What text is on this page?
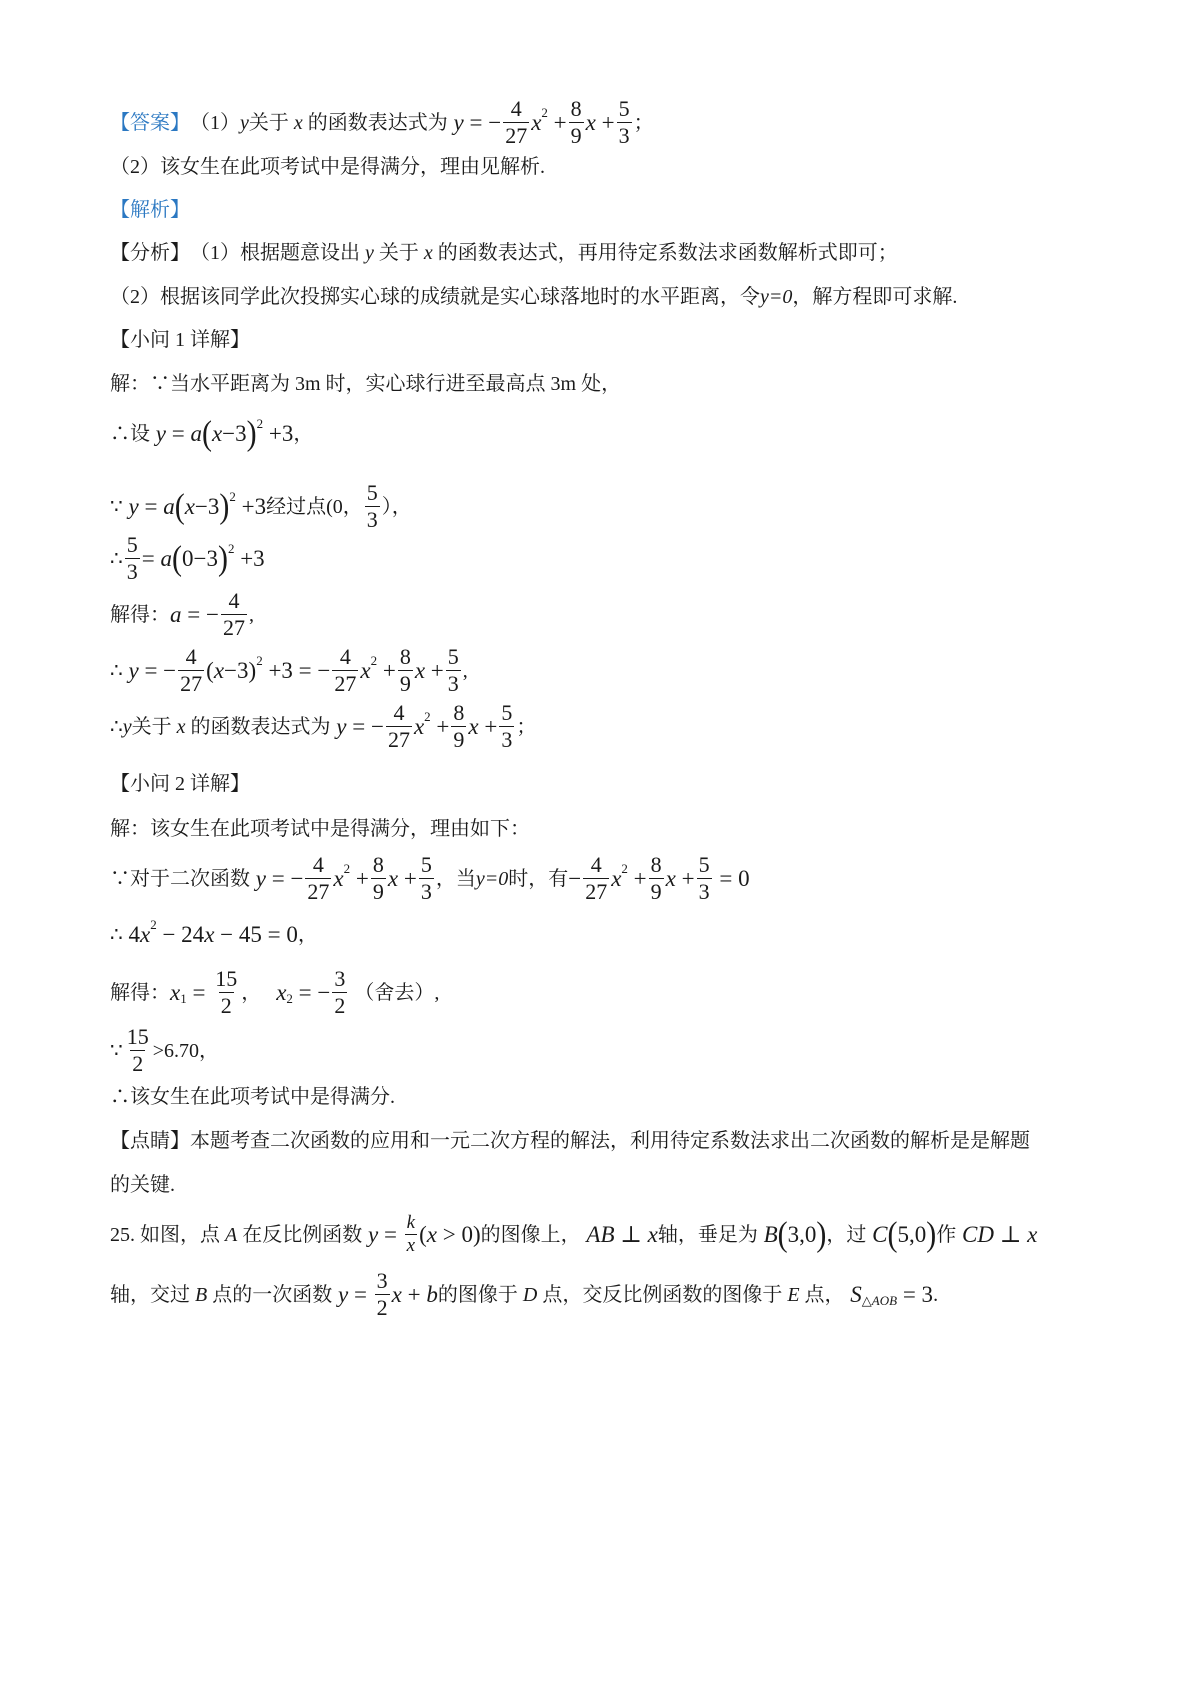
【答案】 （1） y 关于 x 的函数表达式为 y = − $\frac{4}{27} x^2 + \frac{8}{9}$ $x + \frac{5}{3}$ ；
（2）该女生在此项考试中是得满分，理由见解析.
【解析】
【分析】 （1）根据题意设出 y 关于 x 的函数表达式，再用待定系数法求函数解析式即可；
（2）根据该同学此次投掷实心球的成绩就是实心球落地时的水平距离，令 y=0 ，解方程即可求解.
【小问 1 详解】
解：∵当水平距离为 3m 时，实心球行进至最高点 3m 处，
∴设 y = a ( x −3 )$^2$ +3 ，
∵ y = a ( x −3 )$^2$ +3 经过点(0， $\frac{5}{3}$ ），
∴ $\frac{5}{3} = a$ ( 0−3 )$^2$ +3
解得： a = − $\frac{4}{27}$ ,
∴ y = − $\frac{4}{27}$ ( x −3)$^2$ +3 = − $\frac{4}{27} x^2 + \frac{8}{9}$ $x + \frac{5}{3}$ ,
∴ y 关于 x 的函数表达式为 y = − $\frac{4}{27} x^2 + \frac{8}{9}$ $x + \frac{5}{3}$ ；
【小问 2 详解】
解：该女生在此项考试中是得满分，理由如下：
∵对于二次函数 y = − $\frac{4}{27} x^2 + \frac{8}{9}$ $x + \frac{5}{3}$ ，当 y=0 时，有 − $\frac{4}{27} x^2 + \frac{8}{9}$ $x + \frac{5}{3} = 0$
∴ 4 $x^2 - 24$ x − 45 = 0 ，
解得： $x_1 = \frac{15}{2}$ ， $x_2$ = − $\frac{3}{2}$
（舍去）,
∵ $\frac{15}{2} >6.70$，
∴该女生在此项考试中是得满分.
【点睛】 本题考查二次函数的应用和一元二次方程的解法，利用待定系数法求出二次函数的解析是是解题
的关键.
25.
如图，点 A 在反比例函数 $y = \frac{k}{x}$ ( x > 0) 的图像上， AB ⊥ x 轴，垂足为 B ( 3,0 ) ，过 C ( 5,0 ) 作 CD ⊥ x
轴，交过 B 点的一次函数 $y = \frac{3}{2}$ x + b 的图像于 D 点，交反比例函数的图像于 E 点， $S_{\triangle AOB} = 3$ .
